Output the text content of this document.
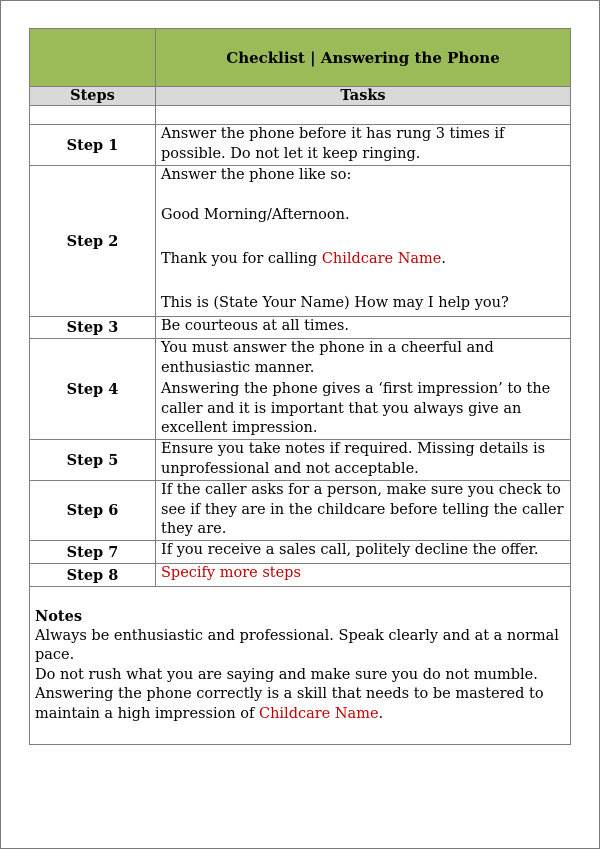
	Checklist | Answering the Phone
Steps	Tasks

Step 1	Answer the phone before it has rung 3 times if possible. Do not let it keep ringing.

Step 2	Answer the phone like so:

Good Morning/Afternoon.

Thank you for calling Childcare Name.

This is (State Your Name) How may I help you?

Step 3	Be courteous at all times.

Step 4	You must answer the phone in a cheerful and enthusiastic manner.

Answering the phone gives a ‘first impression’ to the caller and it is important that you always give an excellent impression.

Step 5	Ensure you take notes if required. Missing details is unprofessional and not acceptable.

Step 6	If the caller asks for a person, make sure you check to see if they are in the childcare before telling the caller they are.

Step 7	If you receive a sales call, politely decline the offer.

Step 8	Specify more steps

Notes

Always be enthusiastic and professional. Speak clearly and at a normal pace.

Do not rush what you are saying and make sure you do not mumble.

Answering the phone correctly is a skill that needs to be mastered to maintain a high impression of Childcare Name.	
